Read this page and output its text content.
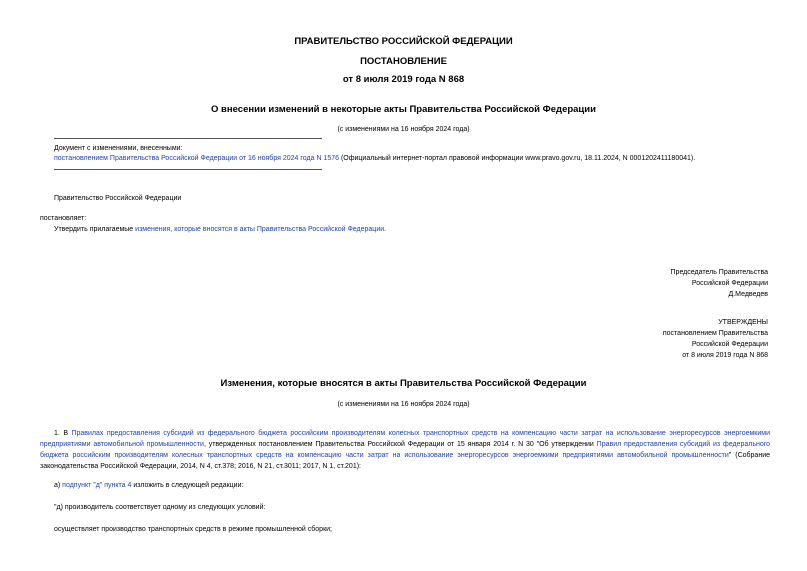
ПРАВИТЕЛЬСТВО РОССИЙСКОЙ ФЕДЕРАЦИИ
ПОСТАНОВЛЕНИЕ
от 8 июля 2019 года N 868
О внесении изменений в некоторые акты Правительства Российской Федерации
(с изменениями на 16 ноября 2024 года)
Документ с изменениями, внесенными:
постановлением Правительства Российской Федерации от 16 ноября 2024 года N 1576 (Официальный интернет-портал правовой информации www.pravo.gov.ru, 18.11.2024, N 0001202411180041).
Правительство Российской Федерации
постановляет:
Утвердить прилагаемые изменения, которые вносятся в акты Правительства Российской Федерации.
Председатель Правительства
Российской Федерации
Д.Медведев
УТВЕРЖДЕНЫ
постановлением Правительства
Российской Федерации
от 8 июля 2019 года N 868
Изменения, которые вносятся в акты Правительства Российской Федерации
(с изменениями на 16 ноября 2024 года)
1. В Правилах предоставления субсидий из федерального бюджета российским производителям колесных транспортных средств на компенсацию части затрат на использование энергоресурсов энергоемкими предприятиями автомобильной промышленности, утвержденных постановлением Правительства Российской Федерации от 15 января 2014 г. N 30 "Об утверждении Правил предоставления субсидий из федерального бюджета российским производителям колесных транспортных средств на компенсацию части затрат на использование энергоресурсов энергоемкими предприятиями автомобильной промышленности" (Собрание законодательства Российской Федерации, 2014, N 4, ст.378; 2016, N 21, ст.3011; 2017, N 1, ст.201):
а) подпункт "д" пункта 4 изложить в следующей редакции:
"д) производитель соответствует одному из следующих условий:
осуществляет производство транспортных средств в режиме промышленной сборки;
